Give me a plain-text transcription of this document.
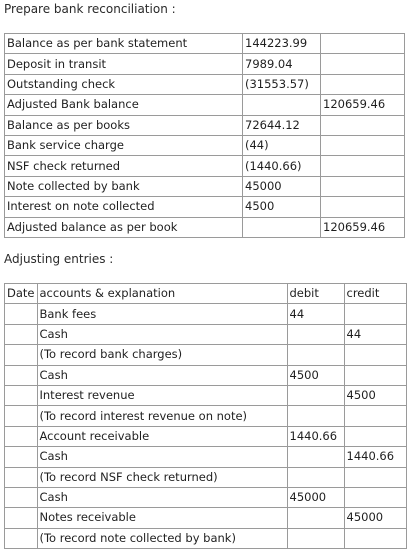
Prepare bank reconciliation :
Balance as per bank statement	144223.99	
Deposit in transit	7989.04	
Outstanding check	(31553.57)	
Adjusted Bank balance		120659.46
Balance as per books	72644.12	
Bank service charge	(44)	
NSF check returned	(1440.66)	
Note collected by bank	45000	
Interest on note collected	4500	
Adjusted balance as per book		120659.46
Adjusting entries :
Date	accounts & explanation	debit	credit
	Bank fees	44	
	Cash		44
	(To record bank charges)		
	Cash	4500	
	Interest revenue		4500
	(To record interest revenue on note)		
	Account receivable	1440.66	
	Cash		1440.66
	(To record NSF check returned)		
	Cash	45000	
	Notes receivable		45000
	(To record note collected by bank)		
